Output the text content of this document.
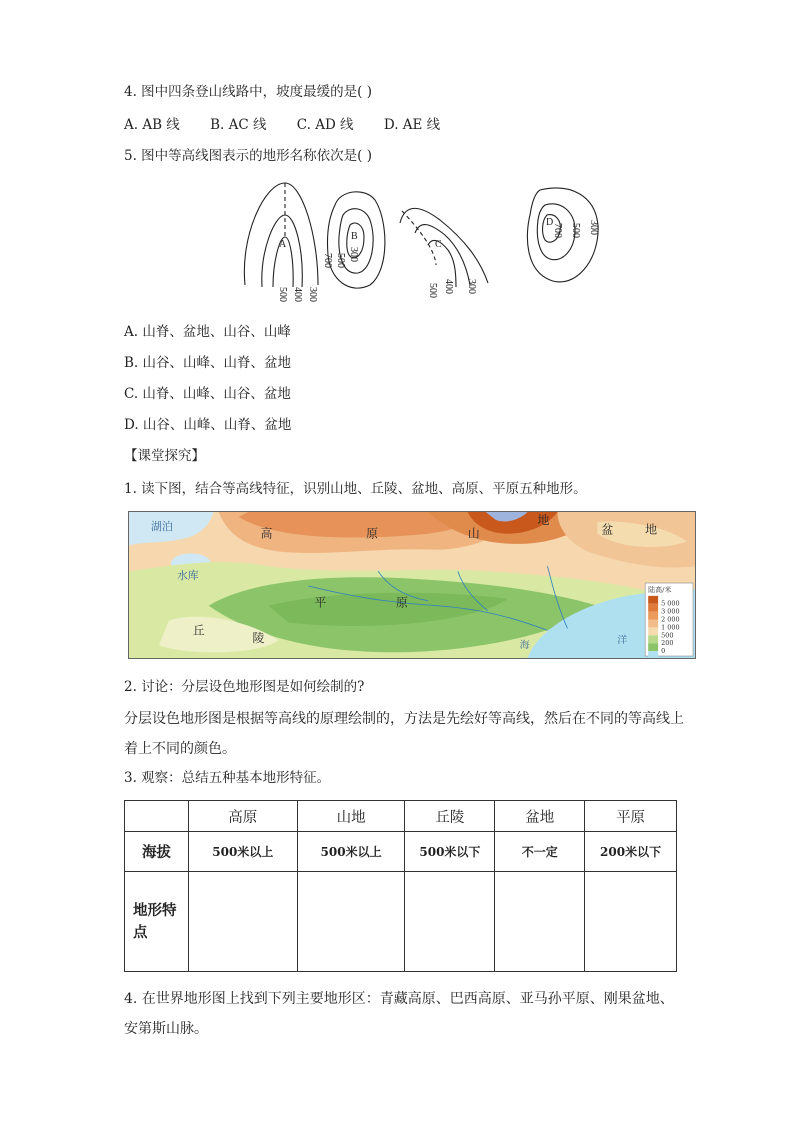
4. 图中四条登山线路中，坡度最缓的是( )
A. AB 线 B. AC 线 C. AD 线 D. AE 线
5. 图中等高线图表示的地形名称依次是( )
A
500 400 300
B
300
500
700
C
500 400 300
D
700 500 300
A. 山脊、盆地、山谷、山峰
B. 山谷、山峰、山脊、盆地
C. 山脊、山峰、山谷、盆地
D. 山谷、山峰、山脊、盆地
【课堂探究】
1. 读下图，结合等高线特征，识别山地、丘陵、盆地、高原、平原五种地形。
湖泊
水库
高	原	山
地
盆	地
平	原
丘
陵
海	洋
陆高/米
5 000
3 000
2 000
1 000
500
200
0
2. 讨论：分层设色地形图是如何绘制的?
分层设色地形图是根据等高线的原理绘制的，方法是先绘好等高线，然后在不同的等高线上着上不同的颜色。
3. 观察：总结五种基本地形特征。
	高原	山地	丘陵	盆地	平原
海拔	500米以上	500米以上	500米以下	不一定	200米以下
地形特点					
4. 在世界地形图上找到下列主要地形区：青藏高原、巴西高原、亚马孙平原、刚果盆地、安第斯山脉。
